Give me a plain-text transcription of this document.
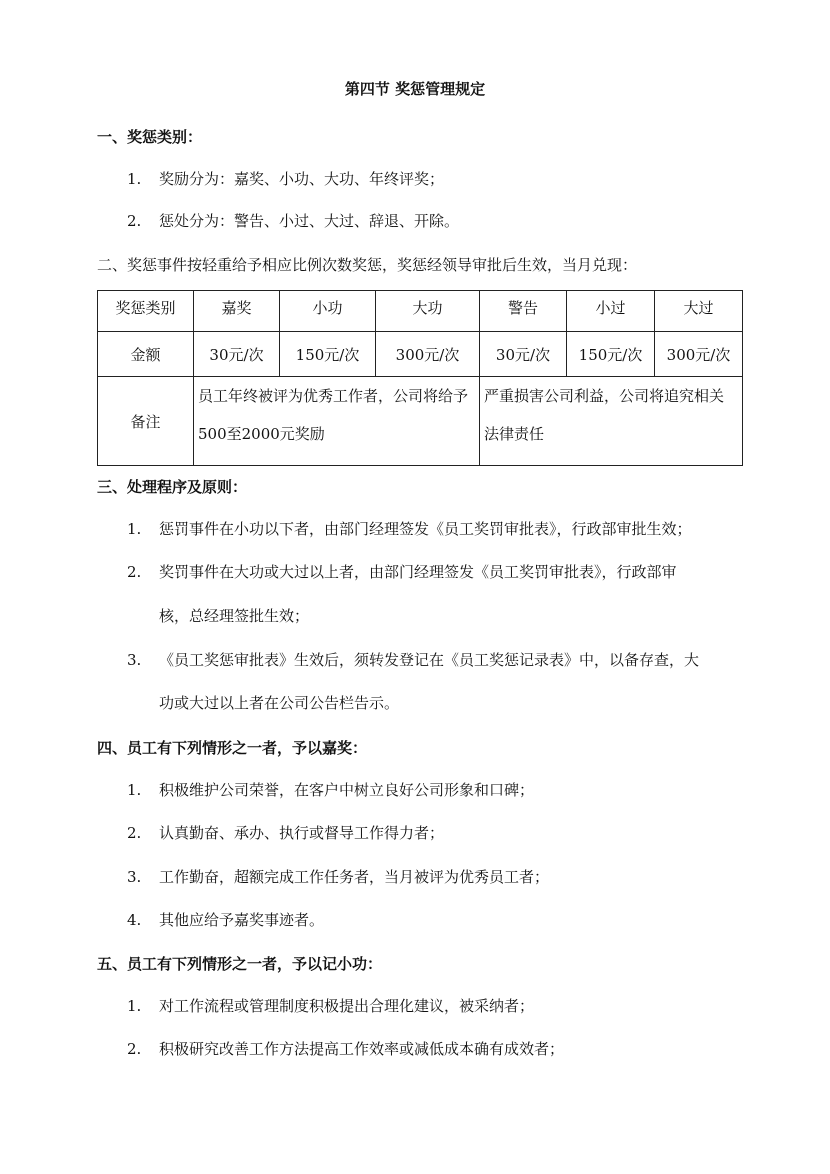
第四节 奖惩管理规定
一、奖惩类别：
1. 奖励分为：嘉奖、小功、大功、年终评奖；
2. 惩处分为：警告、小过、大过、辞退、开除。
二、奖惩事件按轻重给予相应比例次数奖惩，奖惩经领导审批后生效，当月兑现：
奖惩类别	嘉奖	小功	大功	警告	小过	大过
金额	30元/次	150元/次	300元/次	30元/次	150元/次	300元/次
备注	员工年终被评为优秀工作者，公司将给予500至2000元奖励			严重损害公司利益，公司将追究相关法律责任		
三、处理程序及原则：
1. 惩罚事件在小功以下者，由部门经理签发《员工奖罚审批表》，行政部审批生效；
2. 奖罚事件在大功或大过以上者，由部门经理签发《员工奖罚审批表》，行政部审
核，总经理签批生效；
3. 《员工奖惩审批表》生效后，须转发登记在《员工奖惩记录表》中，以备存查，大
功或大过以上者在公司公告栏告示。
四、员工有下列情形之一者，予以嘉奖：
1. 积极维护公司荣誉，在客户中树立良好公司形象和口碑；
2. 认真勤奋、承办、执行或督导工作得力者；
3. 工作勤奋，超额完成工作任务者，当月被评为优秀员工者；
4. 其他应给予嘉奖事迹者。
五、员工有下列情形之一者，予以记小功：
1. 对工作流程或管理制度积极提出合理化建议，被采纳者；
2. 积极研究改善工作方法提高工作效率或减低成本确有成效者；
